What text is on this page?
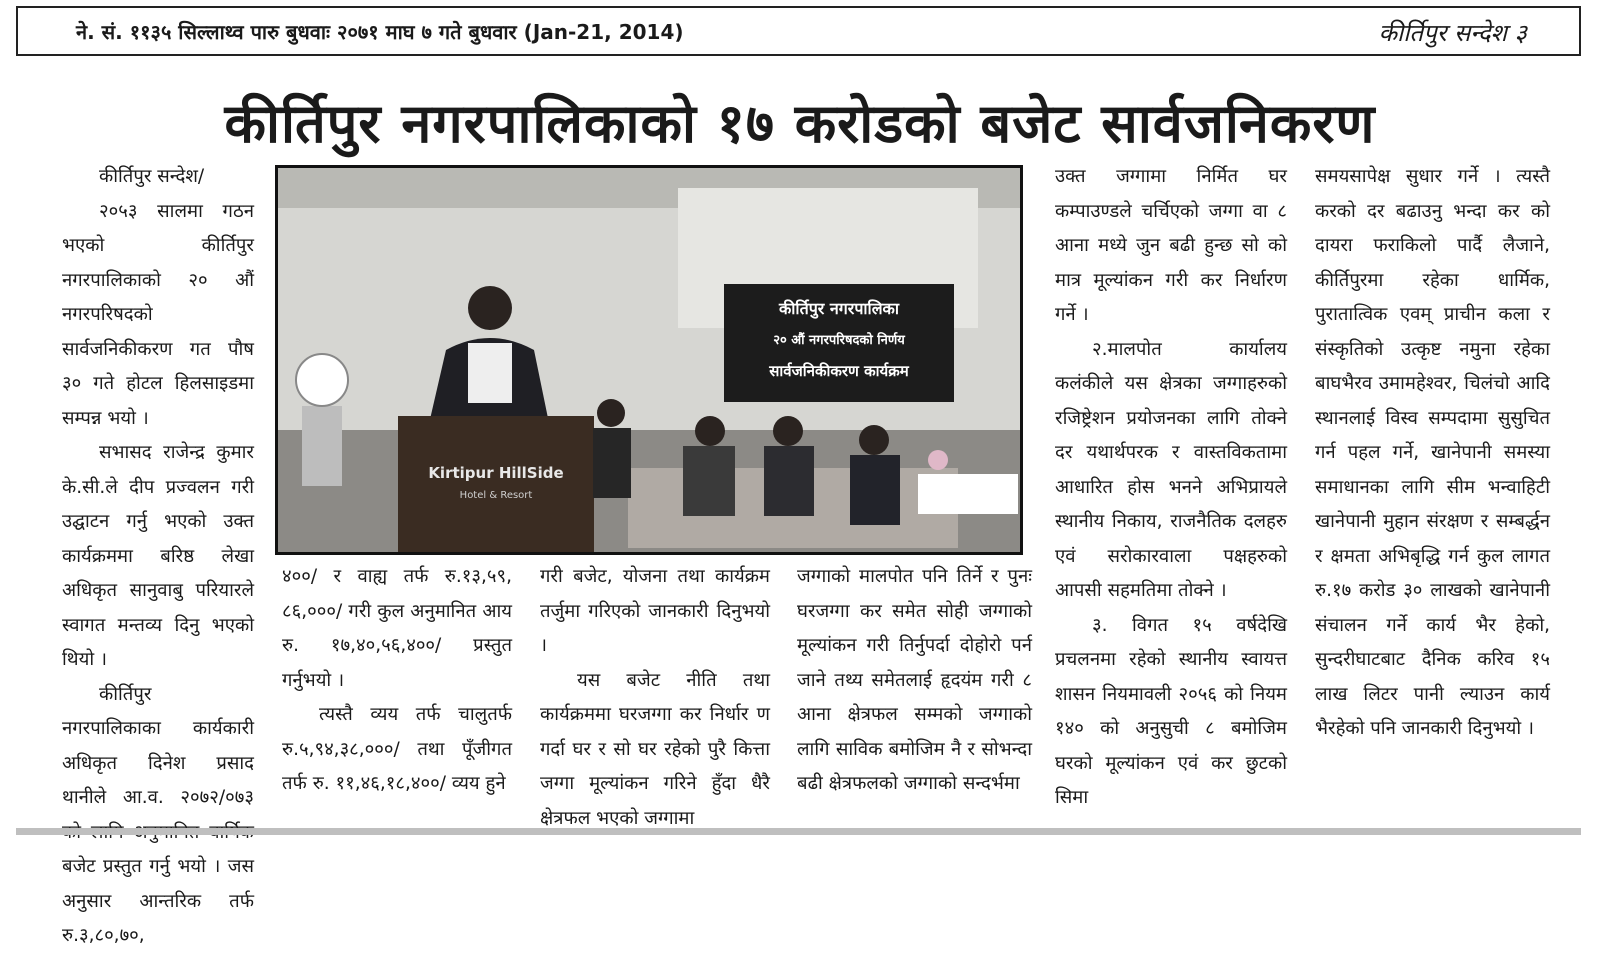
ने. सं. ११३५ सिल्लाथ्व पारु बुधवाः २०७१ माघ ७ गते बुधवार (Jan-21, 2014)	कीर्तिपुर सन्देश ३
कीर्तिपुर नगरपालिकाको १७ करोडको बजेट सार्वजनिकरण

कीर्तिपुर सन्देश/

२०५३ सालमा गठन भएको कीर्तिपुर नगरपालिकाको २० औं नगरपरिषदको सार्वजनिकीकरण गत पौष ३० गते होटल हिलसाइडमा सम्पन्न भयो ।

सभासद राजेन्द्र कुमार के.सी.ले दीप प्रज्वलन गरी उद्घाटन गर्नु भएको उक्त कार्यक्रममा बरिष्ठ लेखा अधिकृत सानुवाबु परियारले स्वागत मन्तव्य दिनु भएको थियो ।

कीर्तिपुर नगरपालिकाका कार्यकारी अधिकृत दिनेश प्रसाद थानीले आ.व. २०७२/०७३ बजेट प्रस्तुत गर्नु भयो । जस अनुसार आन्तरिक तर्फ रु.३,८०,७०,

कीर्तिपुर नगरपालिका
२० औं नगरपरिषदको निर्णय
सार्वजनिकीकरण कार्यक्रम
Kirtipur HillSide
Hotel & Resort

४००/ र वाह्य तर्फ रु.१३,५९, ८६,०००/ गरी कुल अनुमानित आय रु. १७,४०,५६,४००/ प्रस्तुत गर्नुभयो ।

त्यस्तै व्यय तर्फ चालुतर्फ रु.५,९४,३८,०००/ तथा पूँजीगत तर्फ रु. ११,४६,१८,४००/ व्यय हुने

गरी बजेट, योजना तथा कार्यक्रम तर्जुमा गरिएको जानकारी दिनुभयो ।

यस बजेट नीति तथा कार्यक्रममा घरजग्गा कर निर्धार ण गर्दा घर र सो घर रहेको पुरै कित्ता जग्गा मूल्यांकन गरिने हुँदा धैरै क्षेत्रफल भएको जग्गामा

जग्गाको मालपोत पनि तिर्ने र पुनः घरजग्गा कर समेत सोही जग्गाको मूल्यांकन गरी तिर्नुपर्दा दोहोरो पर्न जाने तथ्य समेतलाई हृदयंम गरी ८ आना क्षेत्रफल सम्मको जग्गाको लागि साविक बमोजिम नै र सोभन्दा बढी क्षेत्रफलको जग्गाको सन्दर्भमा

उक्त जग्गामा निर्मित घर कम्पाउण्डले चर्चिएको जग्गा वा ८ आना मध्ये जुन बढी हुन्छ सो को मात्र मूल्यांकन गरी कर निर्धारण गर्ने ।

२.मालपोत कार्यालय कलंकीले यस क्षेत्रका जग्गाहरुको रजिष्ट्रेशन प्रयोजनका लागि तोक्ने दर यथार्थपरक र वास्तविकतामा आधारित होस भनने अभिप्रायले स्थानीय निकाय, राजनैतिक दलहरु एवं सरोकारवाला पक्षहरुको आपसी सहमतिमा तोक्ने ।

३. विगत १५ वर्षदेखि प्रचलनमा रहेको स्थानीय स्वायत्त शासन नियमावली २०५६ को नियम १४० को अनुसुची ८ बमोजिम घरको मूल्यांकन एवं कर छुटको सिमा

समयसापेक्ष सुधार गर्ने । त्यस्तै करको दर बढाउनु भन्दा कर को दायरा फराकिलो पार्दै लैजाने, कीर्तिपुरमा रहेका धार्मिक, पुरातात्विक एवम् प्राचीन कला र संस्कृतिको उत्कृष्ट नमुना रहेका बाघभैरव उमामहेश्वर, चिलंचो आदि स्थानलाई विस्व सम्पदामा सुसुचित गर्न पहल गर्ने, खानेपानी समस्या समाधानका लागि सीम भन्वाहिटी खानेपानी मुहान संरक्षण र सम्बर्द्धन र क्षमता अभिबृद्धि गर्न कुल लागत रु.१७ करोड ३० लाखको खानेपानी संचालन गर्ने कार्य भैर हेको, सुन्दरीघाटबाट दैनिक करिव १५ लाख लिटर पानी ल्याउन कार्य भैरहेको पनि जानकारी दिनुभयो ।
